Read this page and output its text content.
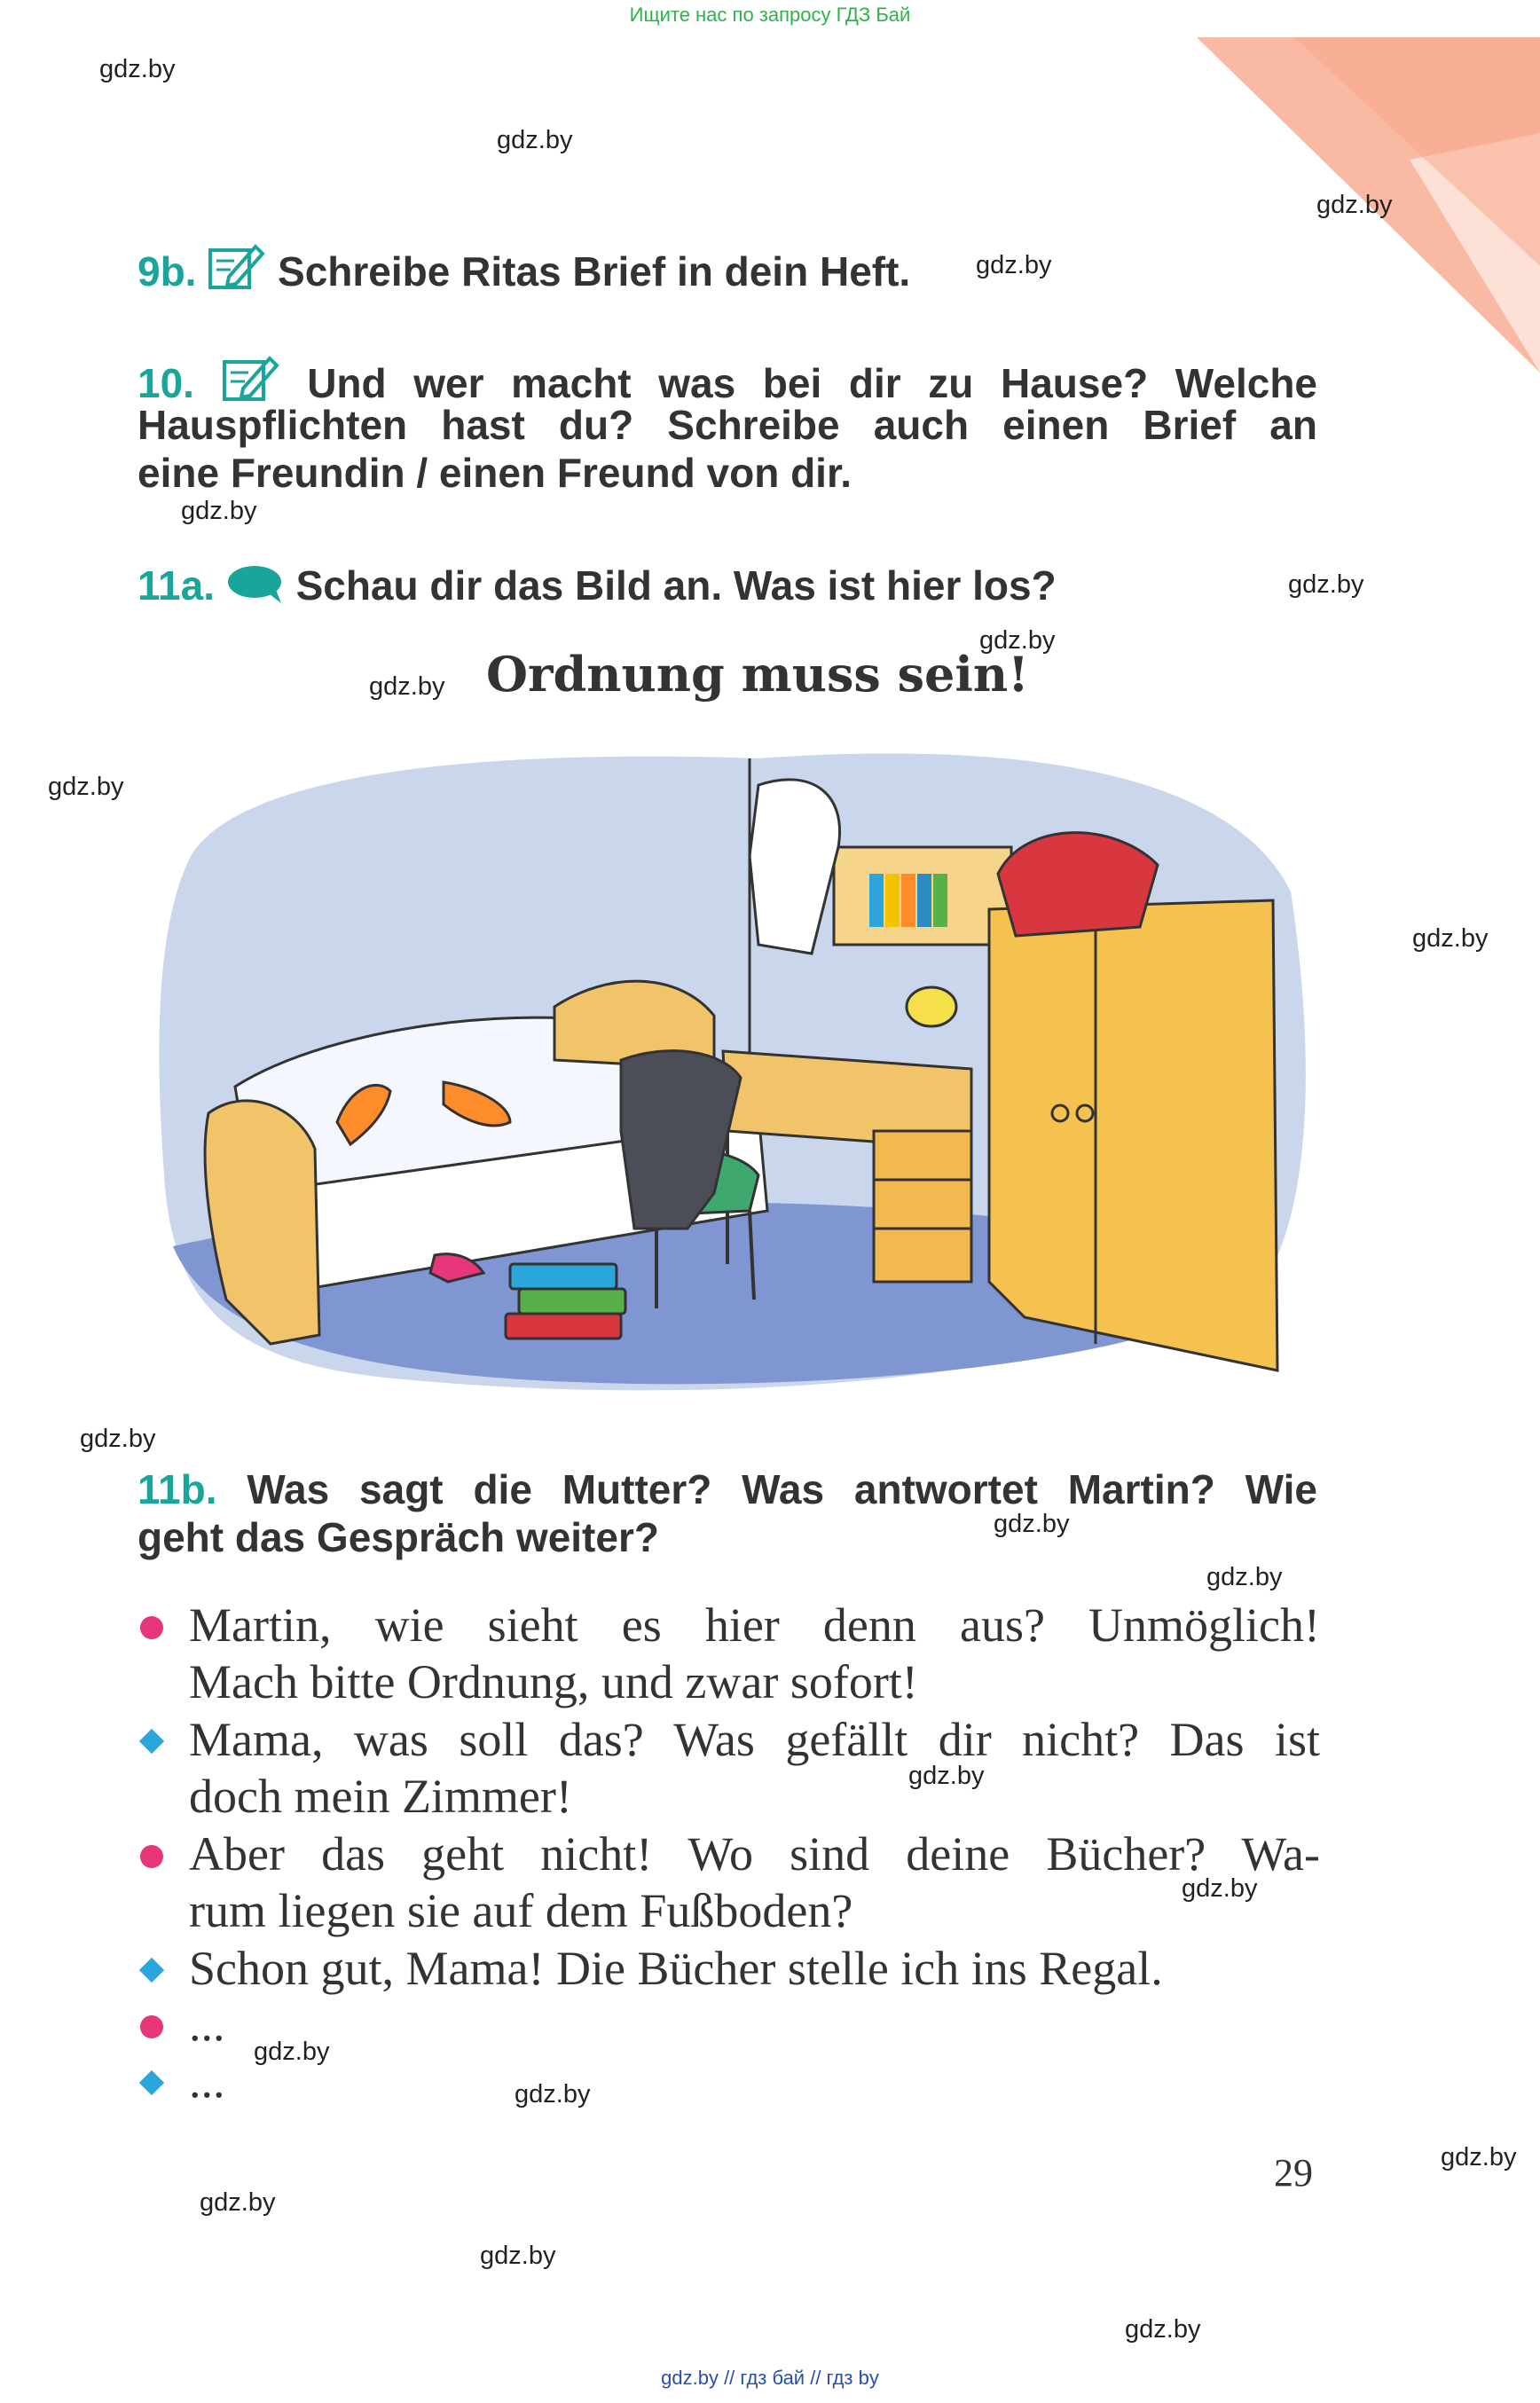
Ищите нас по запросу ГДЗ Бай
gdz.by
gdz.by
gdz.by
gdz.by
gdz.by
gdz.by
gdz.by
gdz.by
gdz.by
gdz.by
gdz.by
gdz.by
gdz.by
gdz.by
gdz.by
gdz.by
gdz.by
gdz.by
gdz.by
gdz.by
gdz.by
9b. Schreibe Ritas Brief in dein Heft.
10.	Und wer macht was bei dir zu Hause? Welche
Hauspflichten hast du? Schreibe auch einen Brief an
eine Freundin / einen Freund von dir.
11a. Schau dir das Bild an. Was ist hier los?
Ordnung muss sein!
11b. Was sagt die Mutter? Was antwortet Martin? Wie
geht das Gespräch weiter?
Martin, wie sieht es hier denn aus? Unmöglich!
Mach bitte Ordnung, und zwar sofort!
Mama, was soll das? Was gefällt dir nicht? Das ist
doch mein Zimmer!
Aber das geht nicht! Wo sind deine Bücher? Wa-
rum liegen sie auf dem Fußboden?
Schon gut, Mama! Die Bücher stelle ich ins Regal.
...
...
29
gdz.by // гдз бай // гдз by
